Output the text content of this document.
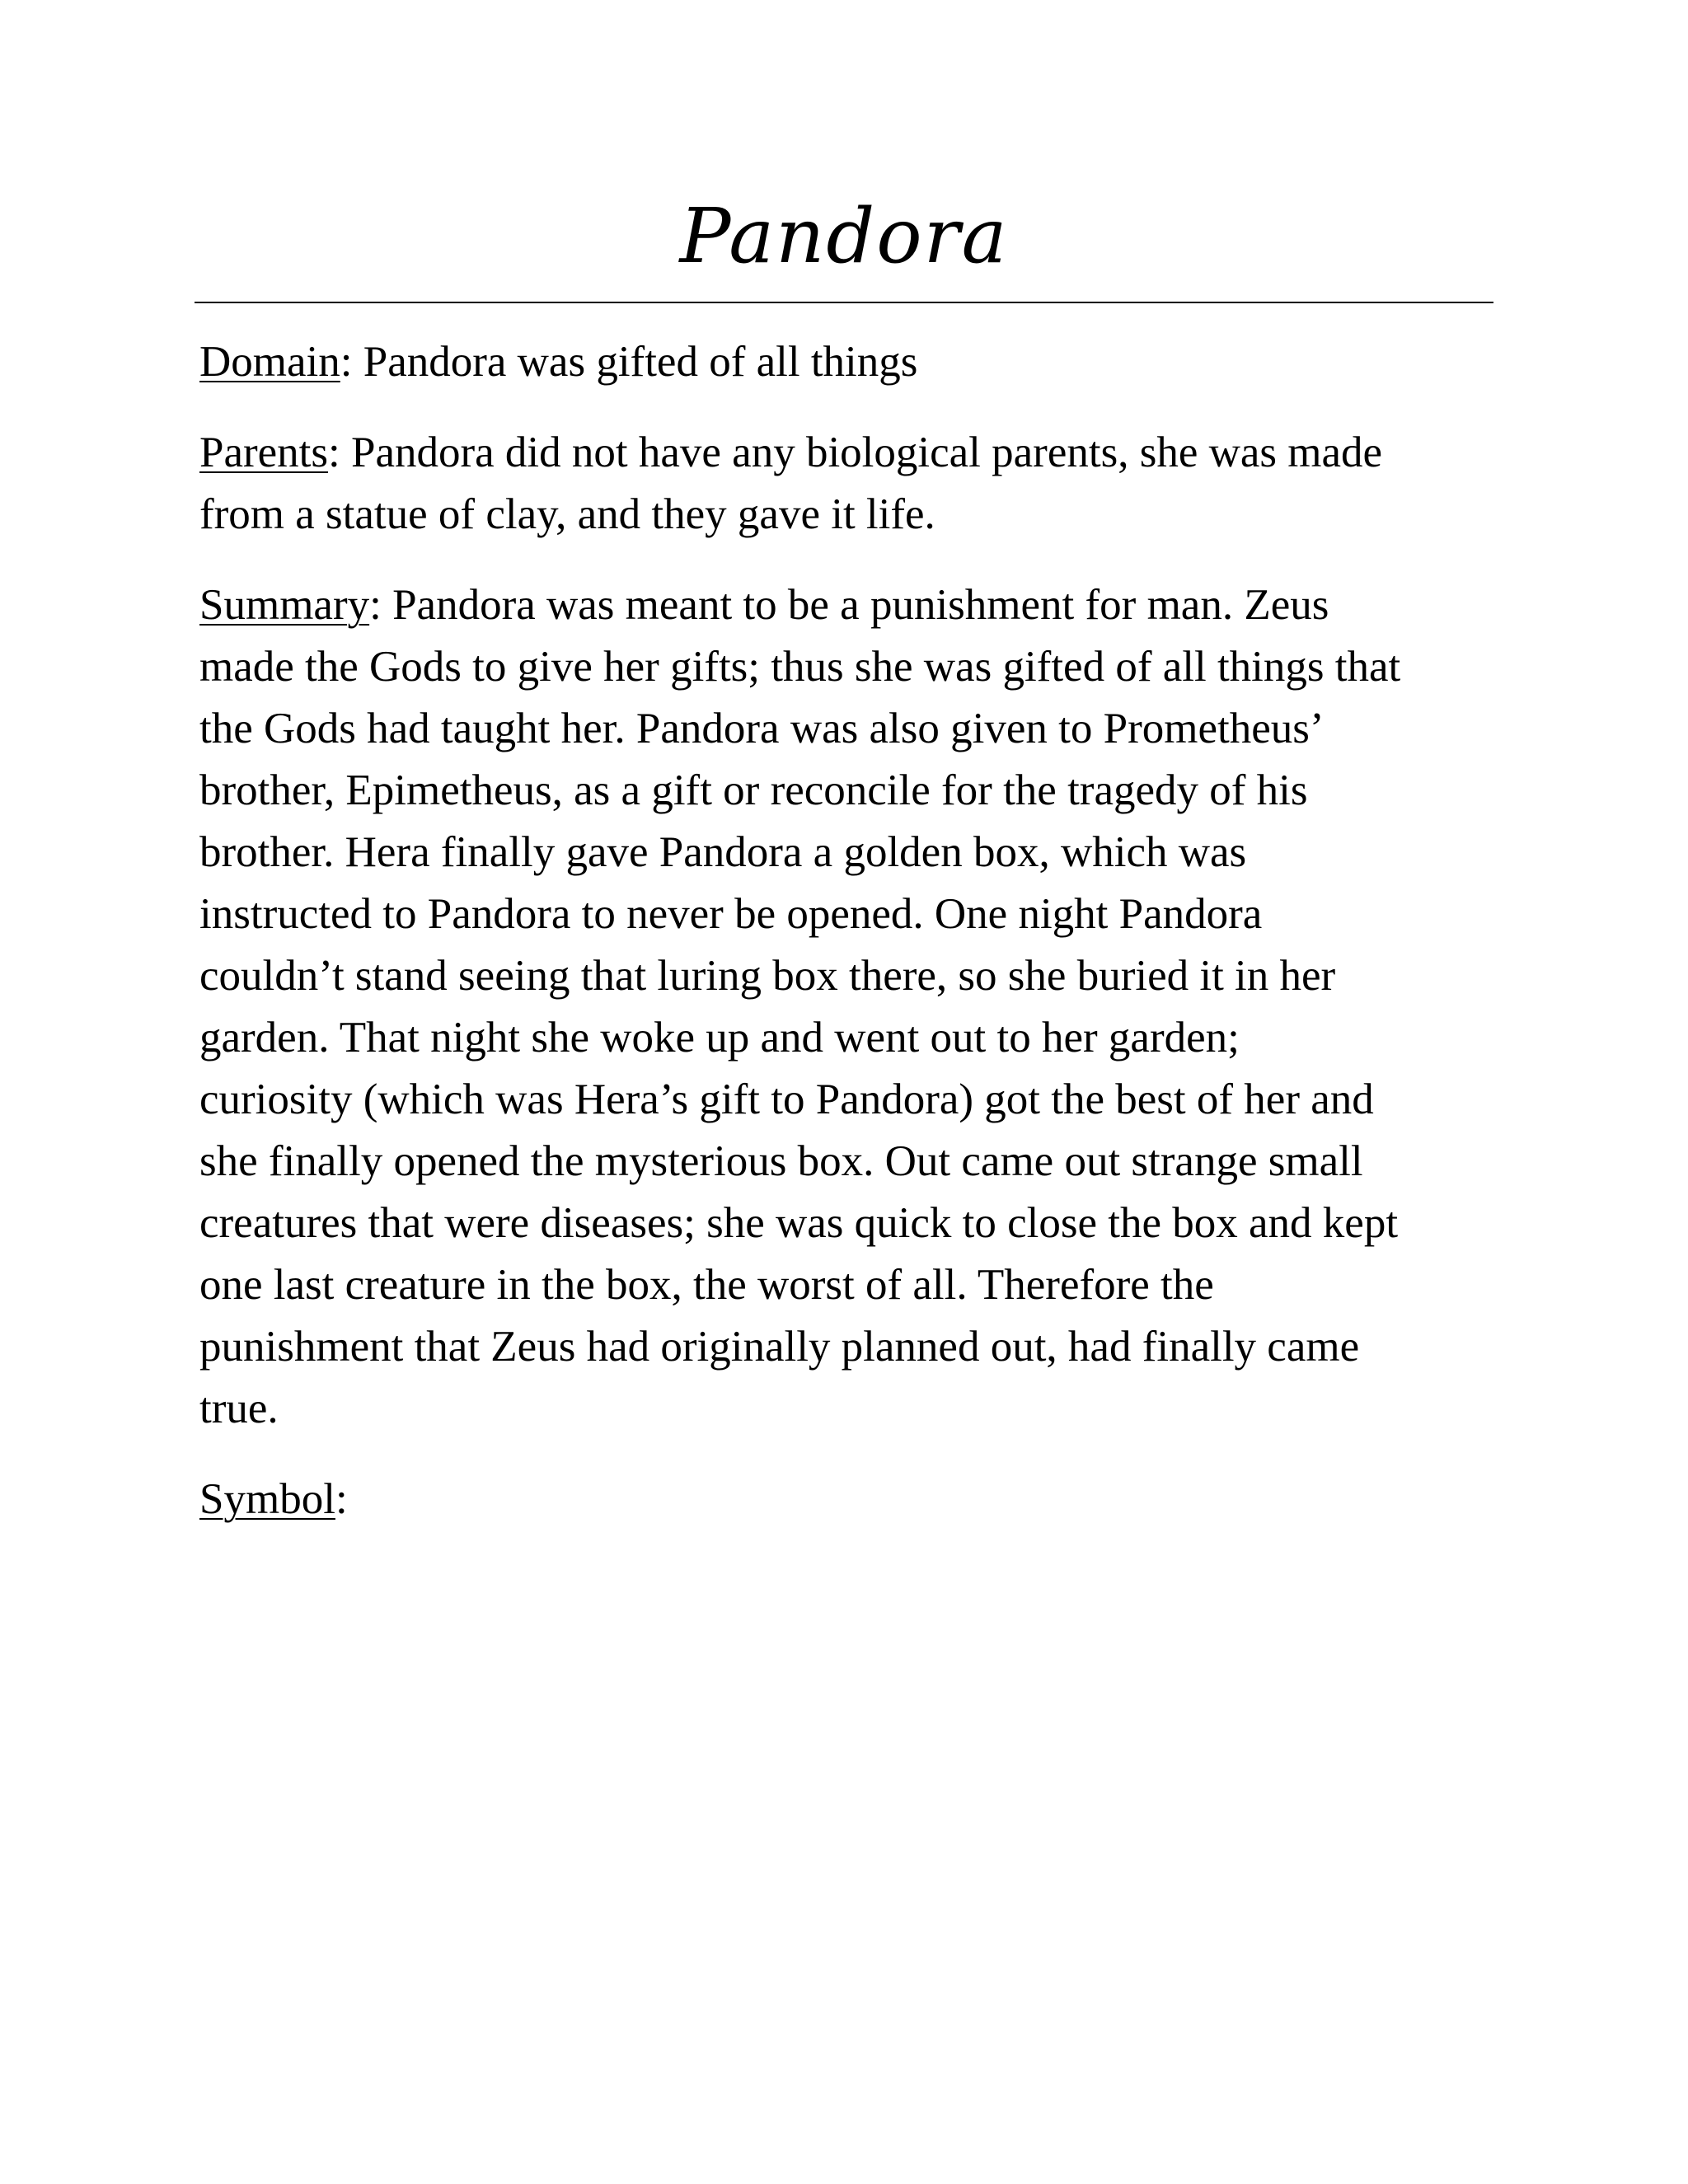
Pandora

Domain: Pandora was gifted of all things

Parents: Pandora did not have any biological parents, she was made
from a statue of clay, and they gave it life.

Summary: Pandora was meant to be a punishment for man. Zeus
made the Gods to give her gifts; thus she was gifted of all things that
the Gods had taught her. Pandora was also given to Prometheus’
brother, Epimetheus, as a gift or reconcile for the tragedy of his
brother. Hera finally gave Pandora a golden box, which was
instructed to Pandora to never be opened. One night Pandora
couldn’t stand seeing that luring box there, so she buried it in her
garden. That night she woke up and went out to her garden;
curiosity (which was Hera’s gift to Pandora) got the best of her and
she finally opened the mysterious box. Out came out strange small
creatures that were diseases; she was quick to close the box and kept
one last creature in the box, the worst of all. Therefore the
punishment that Zeus had originally planned out, had finally came
true.

Symbol:
